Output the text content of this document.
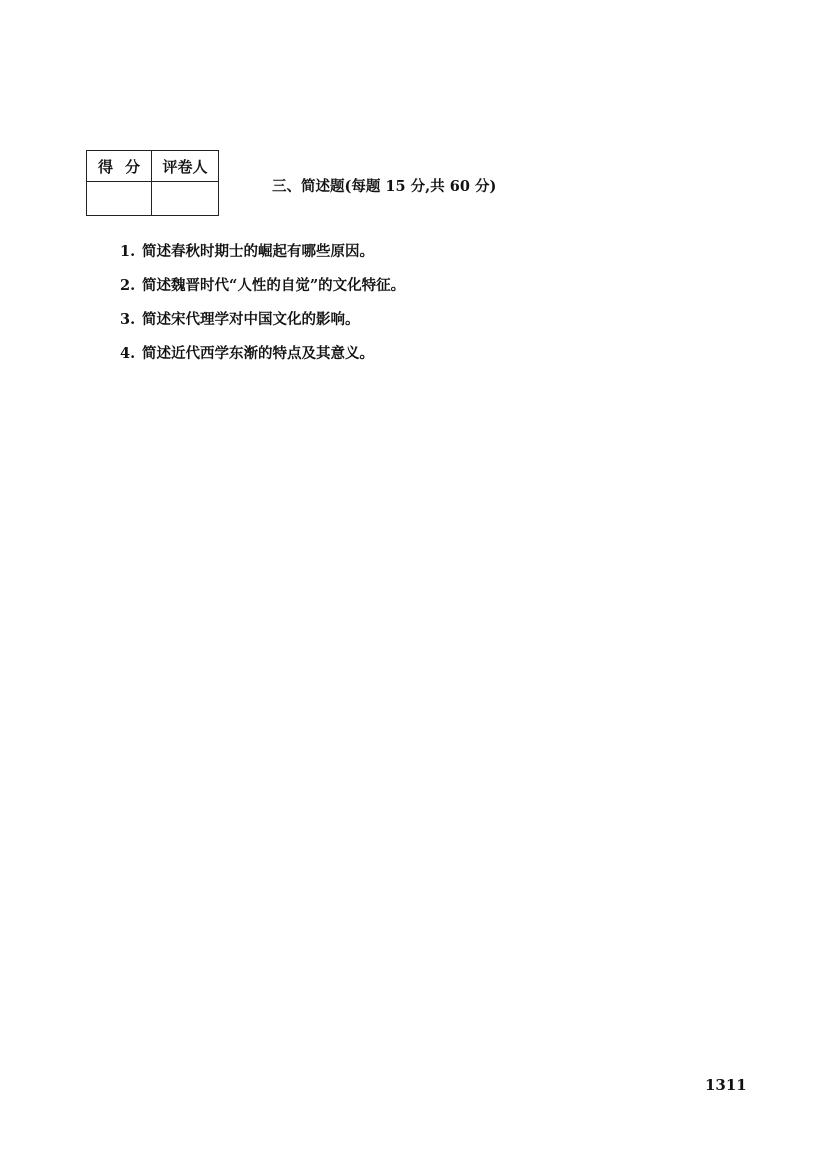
得分	评卷人

三、简述题(每题 15 分,共 60 分)
1. 简述春秋时期士的崛起有哪些原因。
2. 简述魏晋时代“人性的自觉”的文化特征。
3. 简述宋代理学对中国文化的影响。
4. 简述近代西学东渐的特点及其意义。
1311
